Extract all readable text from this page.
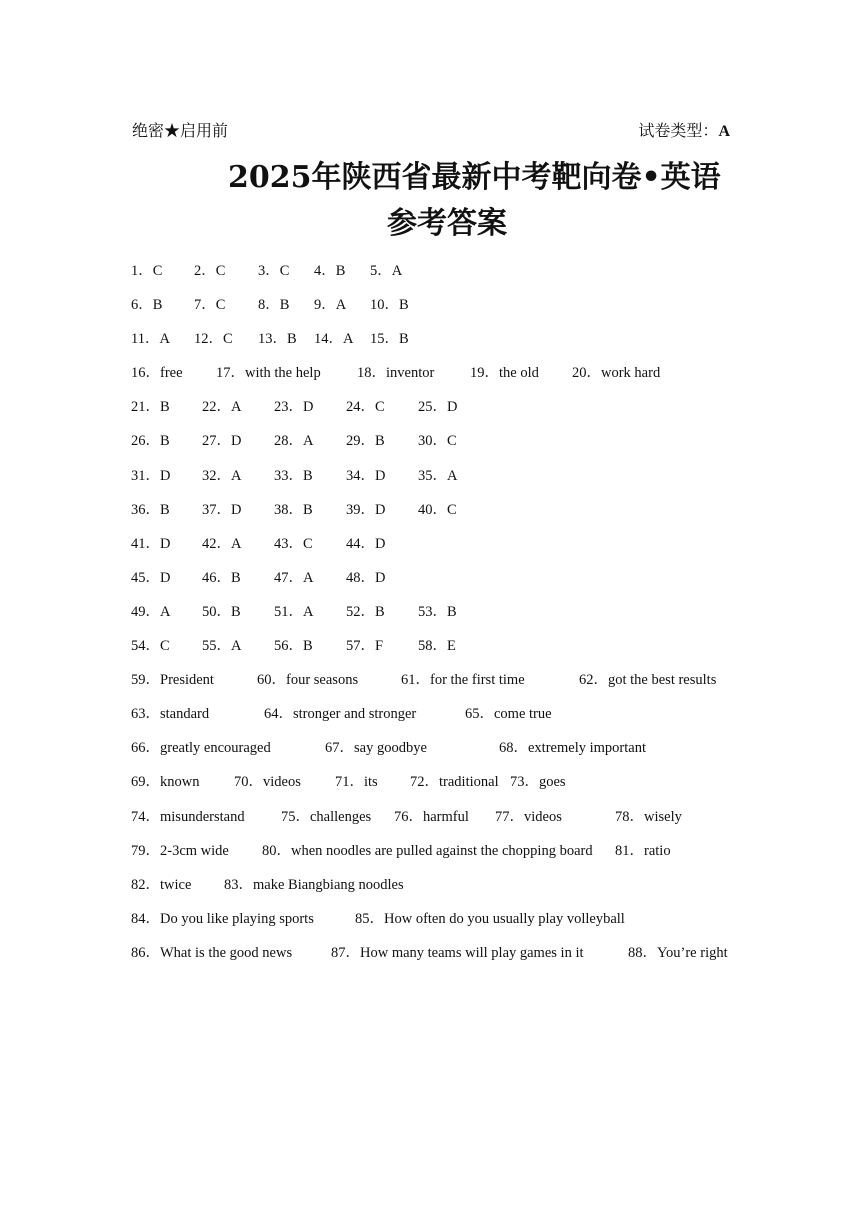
绝密★启用前	试卷类型：A
2025年陕西省最新中考靶向卷•英语
参考答案
1．C 2．C 3．C 4．B 5．A
6．B 7．C 8．B 9．A 10．B
11．A 12．C 13．B 14．A 15．B
16．free 17．with the help	18．inventor 19．the old 20．work hard
21．B 22．A 23．D 24．C 25．D
26．B 27．D 28．A 29．B 30．C
31．D 32．A 33．B 34．D 35．A
36．B 37．D 38．B 39．D 40．C
41．D 42．A 43．C 44．D
45．D 46．B 47．A 48．D
49．A 50．B 51．A 52．B 53．B
54．C 55．A 56．B 57．F 58．E
59．President	60．four seasons	61．for the first time	62．got the best results
63．standard	64．stronger and stronger	65．come true
66．greatly encouraged	67．say goodbye	68．extremely important
69．known 70．videos 71．its 72．traditional 73．goes
74．misunderstand	75．challenges 76．harmful 77．videos	78．wisely
79．2-3cm wide 80．when noodles are pulled against the chopping board 81．ratio
82．twice 83．make Biangbiang noodles
84．Do you like playing sports	85．How often do you usually play volleyball
86．What is the good news	87．How many teams will play games in it	88．You’re right
